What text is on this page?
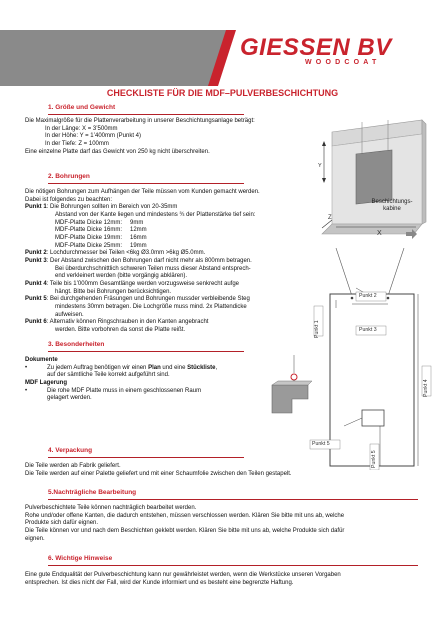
GIESSEN BV
WOODCOAT
CHECKLISTE FÜR DIE MDF–PULVERBESCHICHTUNG
1. Größe und Gewicht
Die Maximalgröße für die Plattenverarbeitung in unserer Beschichtungsanlage beträgt:
In der Länge: X = 3’500mm
In der Höhe: Y = 1’400mm (Punkt 4)
In der Tiefe: Z = 100mm
Eine einzelne Platte darf das Gewicht von 250 kg nicht überschreiten.
2. Bohrungen
Die nötigen Bohrungen zum Aufhängen der Teile müssen vom Kunden gemacht werden.
Dabei ist folgendes zu beachten:
Punkt 1: Die Bohrungen sollten im Bereich von 20-35mm
Abstand von der Kante liegen und mindestens ¾ der Plattenstärke tief sein:
MDF-Platte Dicke 12mm: 9mm
MDF-Platte Dicke 16mm: 12mm
MDF-Platte Dicke 19mm: 16mm
MDF-Platte Dicke 25mm: 19mm
Punkt 2: Lochdurchmesser bei Teilen <6kg Ø3.0mm >6kg Ø5.0mm.
Punkt 3: Der Abstand zwischen den Bohrungen darf nicht mehr als 800mm betragen.
Bei überdurchschnittlich schweren Teilen muss dieser Abstand entsprech-
end verkleinert werden (bitte vorgängig abklären).
Punkt 4: Teile bis 1’000mm Gesamtlänge werden vorzugsweise senkrecht aufge
hängt. Bitte bei Bohrungen berücksichtigen.
Punkt 5: Bei durchgehenden Fräsungen und Bohrungen mussder verbleibende Steg
mindestens 30mm betragen. Die Lochgröße muss mind. 2x Plattendicke
aufweisen.
Punkt 6: Alternativ können Ringschrauben in den Kanten angebracht
werden. Bitte vorbohren da sonst die Platte reißt.
3. Besonderheiten
Dokumente
•	Zu jedem Auftrag benötigen wir einen Plan und eine Stückliste,
auf der sämtliche Teile korrekt aufgeführt sind.
MDF Lagerung
•	Die rohe MDF Platte muss in einem geschlossenen Raum
gelagert werden.
4. Verpackung
Die Teile werden ab Fabrik geliefert.
Die Teile werden auf einer Palette geliefert und mit einer Schaumfolie zwischen den Teilen gestapelt.
5.Nachträgliche Bearbeitung
Pulverbeschichtete Teile können nachträglich bearbeitet werden.
Rohe und/oder offene Kanten, die dadurch entstehen, müssen verschlossen werden. Klären Sie bitte mit uns ab, welche
Produkte sich dafür eignen.
Die Teile können vor und nach dem Beschichten geklebt werden. Klären Sie bitte mit uns ab, welche Produkte sich dafür
eignen.
6. Wichtige Hinweise
Eine gute Endqualität der Pulverbeschichtung kann nur gewährleistet werden, wenn die Werkstücke unseren Vorgaben
entsprechen. Ist dies nicht der Fall, wird der Kunde informiert und es besteht eine begrenzte Haftung.
Y
X
Z
Beschichtungs-
kabine
Punkt 1
Punkt 2
Punkt 3
Punkt 4
Punkt 5
Punkt 5
